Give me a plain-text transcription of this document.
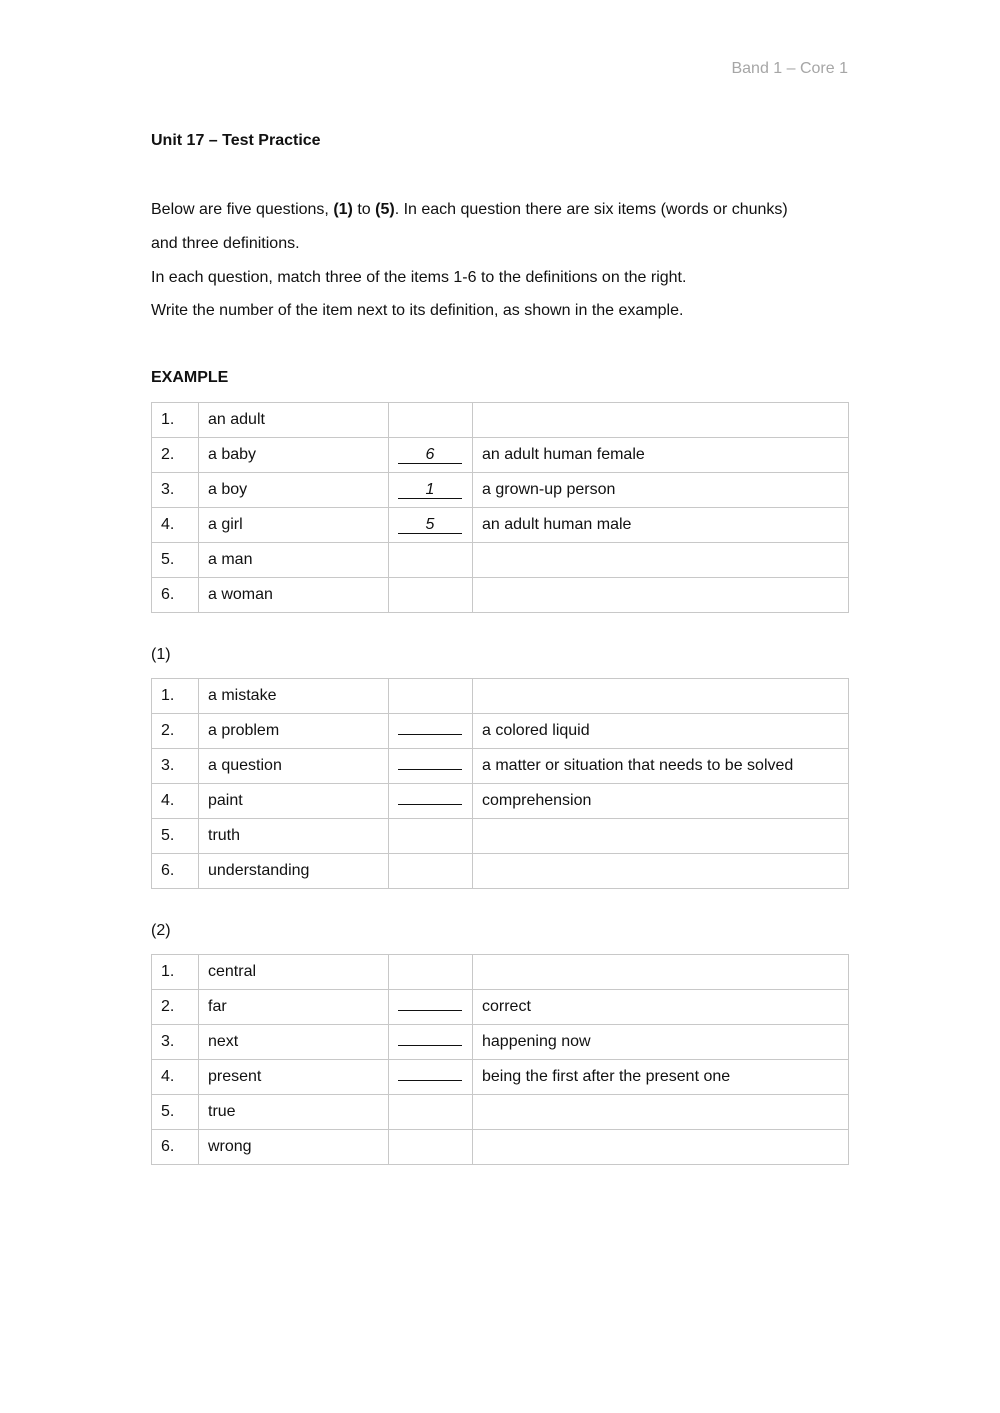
Band 1 – Core 1
Unit 17 – Test Practice
Below are five questions, (1) to (5). In each question there are six items (words or chunks)
and three definitions.
In each question, match three of the items 1-6 to the definitions on the right.
Write the number of the item next to its definition, as shown in the example.
EXAMPLE
1.	an adult		
2.	a baby	6	an adult human female
3.	a boy	1	a grown-up person
4.	a girl	5	an adult human male
5.	a man		
6.	a woman		
(1)
1.	a mistake		
2.	a problem		a colored liquid
3.	a question		a matter or situation that needs to be solved
4.	paint		comprehension
5.	truth		
6.	understanding		
(2)
1.	central		
2.	far		correct
3.	next		happening now
4.	present		being the first after the present one
5.	true		
6.	wrong		
